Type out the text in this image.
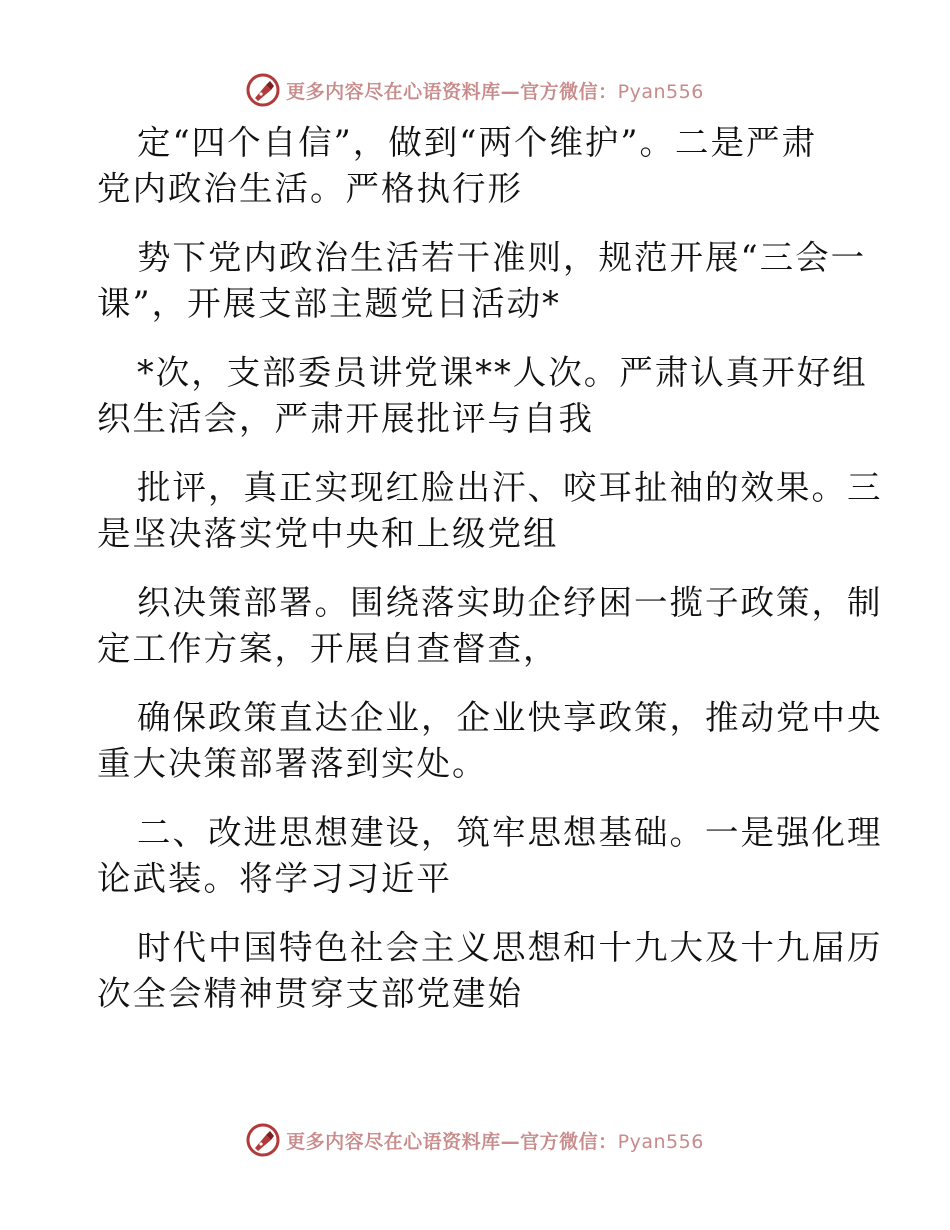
更多内容尽在心语资料库—官方微信：Pyan556

定“四个自信”，做到“两个维护”。二是严肃
党内政治生活。严格执行形

势下党内政治生活若干准则，规范开展“三会一
课”，开展支部主题党日活动*

*次，支部委员讲党课**人次。严肃认真开好组
织生活会，严肃开展批评与自我

批评，真正实现红脸出汗、咬耳扯袖的效果。三
是坚决落实党中央和上级党组

织决策部署。围绕落实助企纾困一揽子政策，制
定工作方案，开展自查督查，

确保政策直达企业，企业快享政策，推动党中央
重大决策部署落到实处。

二、改进思想建设，筑牢思想基础。一是强化理
论武装。将学习习近平

时代中国特色社会主义思想和十九大及十九届历
次全会精神贯穿支部党建始

更多内容尽在心语资料库—官方微信：Pyan556
